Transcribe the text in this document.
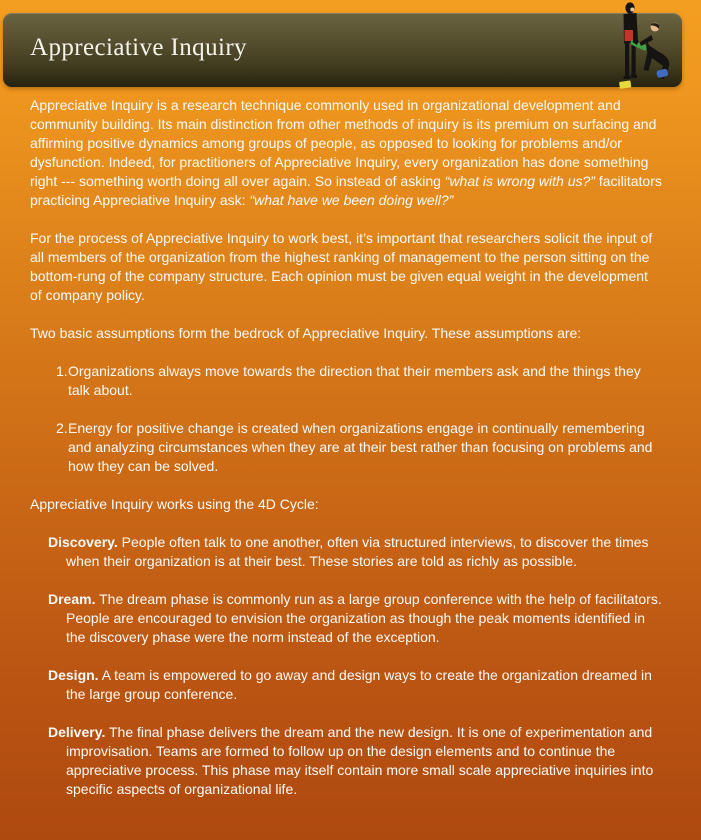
Appreciative Inquiry

Appreciative Inquiry is a research technique commonly used in organizational development and community building. Its main distinction from other methods of inquiry is its premium on surfacing and affirming positive dynamics among groups of people, as opposed to looking for problems and/or dysfunction. Indeed, for practitioners of Appreciative Inquiry, every organization has done something right --- something worth doing all over again. So instead of asking “what is wrong with us?” facilitators practicing Appreciative Inquiry ask: “what have we been doing well?”

For the process of Appreciative Inquiry to work best, it’s important that researchers solicit the input of all members of the organization from the highest ranking of management to the person sitting on the bottom-rung of the company structure. Each opinion must be given equal weight in the development of company policy.

Two basic assumptions form the bedrock of Appreciative Inquiry. These assumptions are:

1. Organizations always move towards the direction that their members ask and the things they talk about.
2. Energy for positive change is created when organizations engage in continually remembering and analyzing circumstances when they are at their best rather than focusing on problems and how they can be solved.

Appreciative Inquiry works using the 4D Cycle:

Discovery. People often talk to one another, often via structured interviews, to discover the times when their organization is at their best. These stories are told as richly as possible.
Dream. The dream phase is commonly run as a large group conference with the help of facilitators. People are encouraged to envision the organization as though the peak moments identified in the discovery phase were the norm instead of the exception.
Design. A team is empowered to go away and design ways to create the organization dreamed in the large group conference.
Delivery. The final phase delivers the dream and the new design. It is one of experimentation and improvisation. Teams are formed to follow up on the design elements and to continue the appreciative process. This phase may itself contain more small scale appreciative inquiries into specific aspects of organizational life.
